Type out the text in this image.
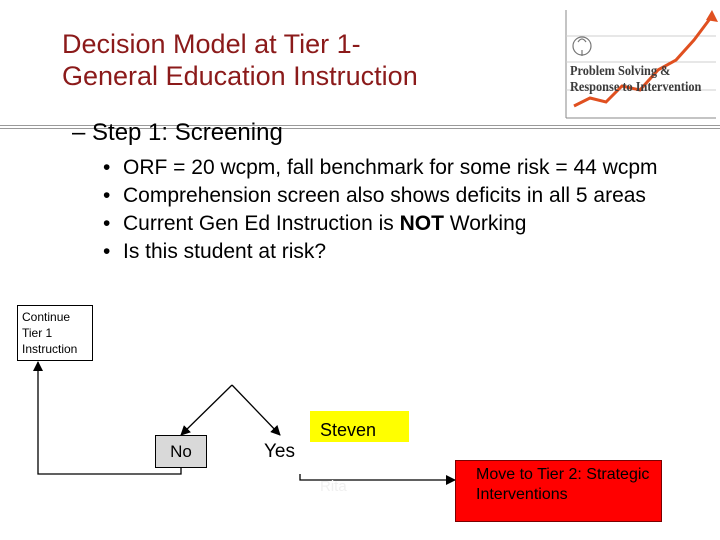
Decision Model at Tier 1-
General Education Instruction	Problem Solving &
Response to Intervention
– Step 1: Screening
• ORF = 20 wcpm, fall benchmark for some risk = 44 wcpm
• Comprehension screen also shows deficits in all 5 areas
• Current Gen Ed Instruction is NOT Working
• Is this student at risk?
Continue
Tier 1
Instruction
Steven
No	Yes
Rita
Move to Tier 2: Strategic
Interventions
